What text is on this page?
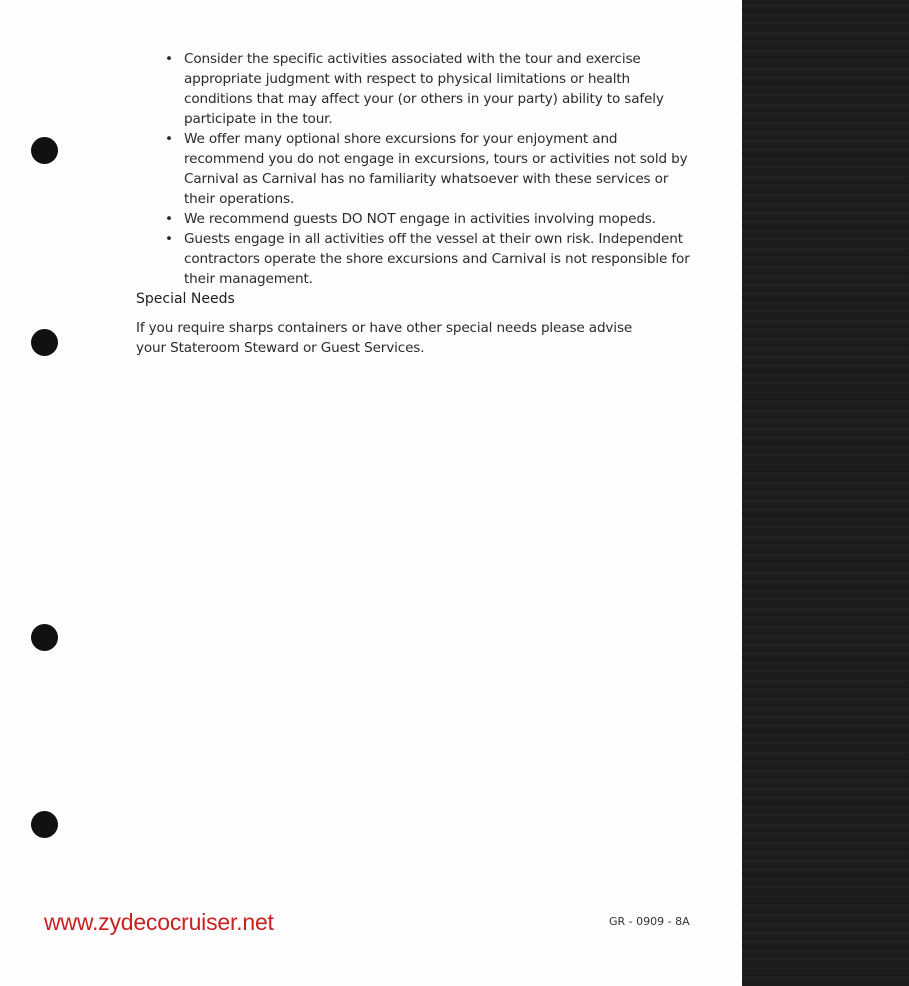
• Consider the specific activities associated with the tour and exercise appropriate judgment with respect to physical limitations or health conditions that may affect your (or others in your party) ability to safely participate in the tour.
• We offer many optional shore excursions for your enjoyment and recommend you do not engage in excursions, tours or activities not sold by Carnival as Carnival has no familiarity whatsoever with these services or their operations.
• We recommend guests DO NOT engage in activities involving mopeds.
• Guests engage in all activities off the vessel at their own risk. Independent contractors operate the shore excursions and Carnival is not responsible for their management.
Special Needs

If you require sharps containers or have other special needs please advise your Stateroom Steward or Guest Services.

www.zydecocruiser.net	GR - 0909 - 8A
